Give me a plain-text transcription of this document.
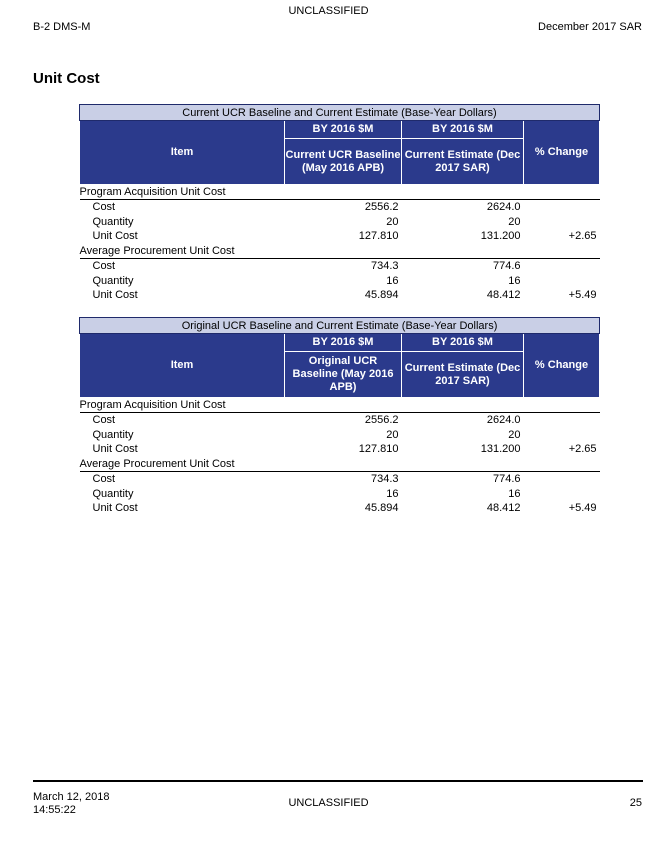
UNCLASSIFIED
B-2 DMS-M	December 2017 SAR
Unit Cost
Current UCR Baseline and Current Estimate (Base-Year Dollars)			
Item	BY 2016 $M	BY 2016 $M	% Change
	Current UCR Baseline (May 2016 APB)	Current Estimate (Dec 2017 SAR)	
Program Acquisition Unit Cost			
Cost	2556.2	2624.0	
Quantity	20	20	
Unit Cost	127.810	131.200	+2.65
Average Procurement Unit Cost			
Cost	734.3	774.6	
Quantity	16	16	
Unit Cost	45.894	48.412	+5.49
Original UCR Baseline and Current Estimate (Base-Year Dollars)			
Item	BY 2016 $M	BY 2016 $M	% Change
	Original UCR Baseline (May 2016 APB)	Current Estimate (Dec 2017 SAR)	
Program Acquisition Unit Cost			
Cost	2556.2	2624.0	
Quantity	20	20	
Unit Cost	127.810	131.200	+2.65
Average Procurement Unit Cost			
Cost	734.3	774.6	
Quantity	16	16	
Unit Cost	45.894	48.412	+5.49
March 12, 2018
14:55:22
UNCLASSIFIED	25
